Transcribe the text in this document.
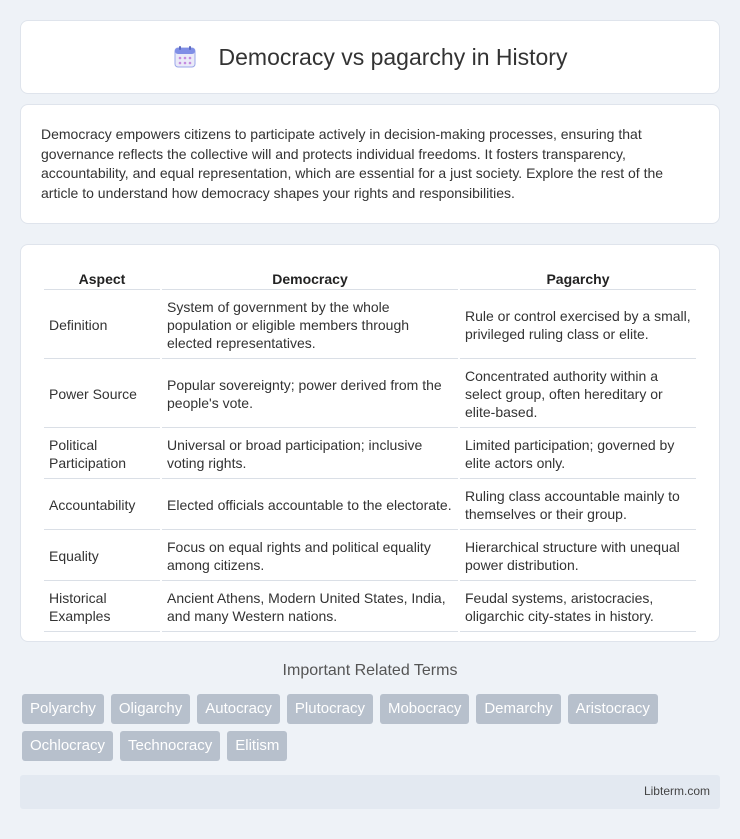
Democracy vs pagarchy in History

Democracy empowers citizens to participate actively in decision-making processes, ensuring that governance reflects the collective will and protects individual freedoms. It fosters transparency, accountability, and equal representation, which are essential for a just society. Explore the rest of the article to understand how democracy shapes your rights and responsibilities.

Aspect	Democracy	Pagarchy
Definition	System of government by the whole population or eligible members through elected representatives.	Rule or control exercised by a small, privileged ruling class or elite.
Power Source	Popular sovereignty; power derived from the people's vote.	Concentrated authority within a select group, often hereditary or elite-based.
Political Participation	Universal or broad participation; inclusive voting rights.	Limited participation; governed by elite actors only.
Accountability	Elected officials accountable to the electorate.	Ruling class accountable mainly to themselves or their group.
Equality	Focus on equal rights and political equality among citizens.	Hierarchical structure with unequal power distribution.
Historical Examples	Ancient Athens, Modern United States, India, and many Western nations.	Feudal systems, aristocracies, oligarchic city-states in history.
Important Related Terms
Polyarchy	Oligarchy	Autocracy	Plutocracy	Mobocracy	Demarchy	Aristocracy
Ochlocracy	Technocracy	Elitism
Libterm.com
